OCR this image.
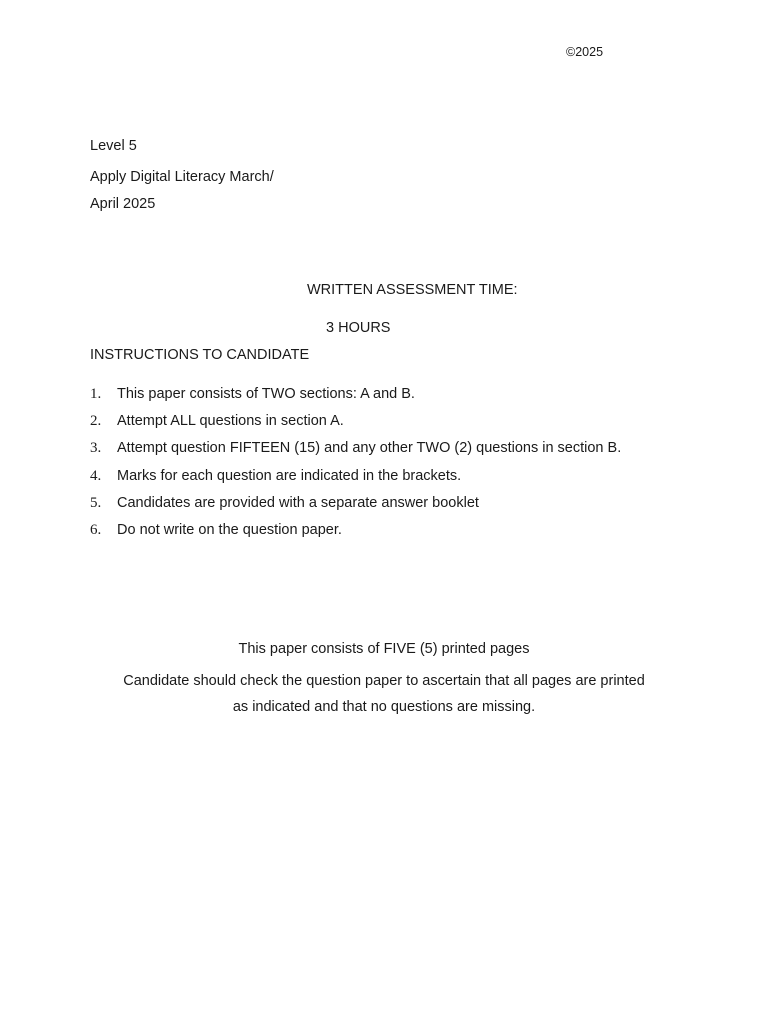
©2025
Level 5
Apply Digital Literacy March/
April 2025
WRITTEN ASSESSMENT TIME:
3 HOURS
INSTRUCTIONS TO CANDIDATE
1. This paper consists of TWO sections: A and B.
2. Attempt ALL questions in section A.
3. Attempt question FIFTEEN (15) and any other TWO (2) questions in section B.
4. Marks for each question are indicated in the brackets.
5. Candidates are provided with a separate answer booklet
6. Do not write on the question paper.
This paper consists of FIVE (5) printed pages
Candidate should check the question paper to ascertain that all pages are printed
as indicated and that no questions are missing.
